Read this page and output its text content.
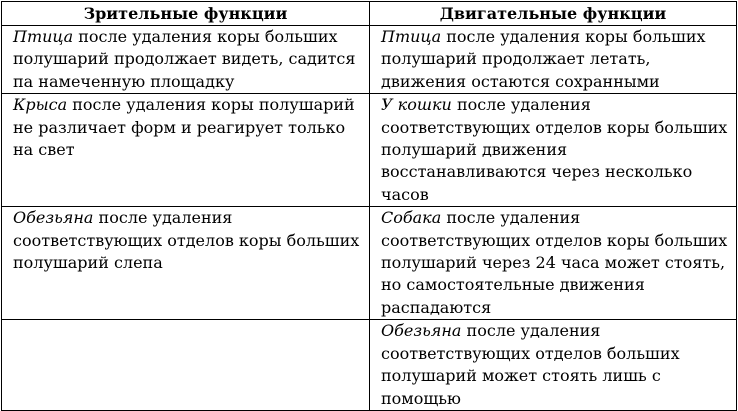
Зрительные функции	Двигательные функции
Птица после удаления коры больших полушарий продолжает видеть, садится па намеченную площадку	Птица после удаления коры больших полушарий продолжает летать, движения остаются сохранными
Крыса после удаления коры полушарий не различает форм и реагирует только на свет	У кошки после удаления соответствующих отделов коры больших полушарий движения восстанавливаются через несколько часов
Обезьяна после удаления соответствующих отделов коры больших полушарий слепа	Собака после удаления соответствующих отделов коры больших полушарий через 24 часа может стоять, но самостоятельные движения распадаются
	Обезьяна после удаления соответствующих отделов больших полушарий может стоять лишь с помощью
